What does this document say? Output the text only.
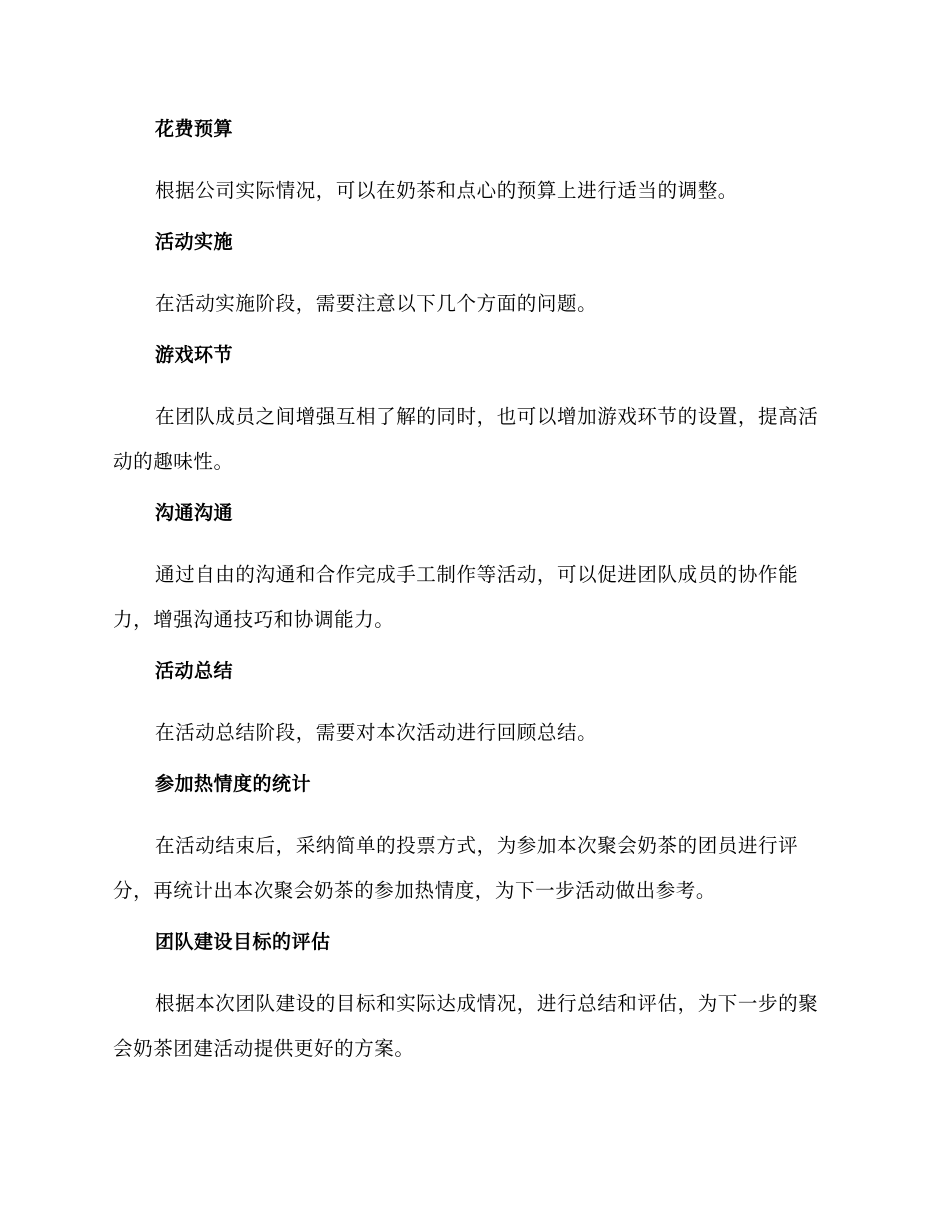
花费预算
根据公司实际情况，可以在奶茶和点心的预算上进行适当的调整。
活动实施
在活动实施阶段，需要注意以下几个方面的问题。
游戏环节
在团队成员之间增强互相了解的同时，也可以增加游戏环节的设置，提高活动的趣味性。
沟通沟通
通过自由的沟通和合作完成手工制作等活动，可以促进团队成员的协作能力，增强沟通技巧和协调能力。
活动总结
在活动总结阶段，需要对本次活动进行回顾总结。
参加热情度的统计
在活动结束后，采纳简单的投票方式，为参加本次聚会奶茶的团员进行评分，再统计出本次聚会奶茶的参加热情度，为下一步活动做出参考。
团队建设目标的评估
根据本次团队建设的目标和实际达成情况，进行总结和评估，为下一步的聚会奶茶团建活动提供更好的方案。
